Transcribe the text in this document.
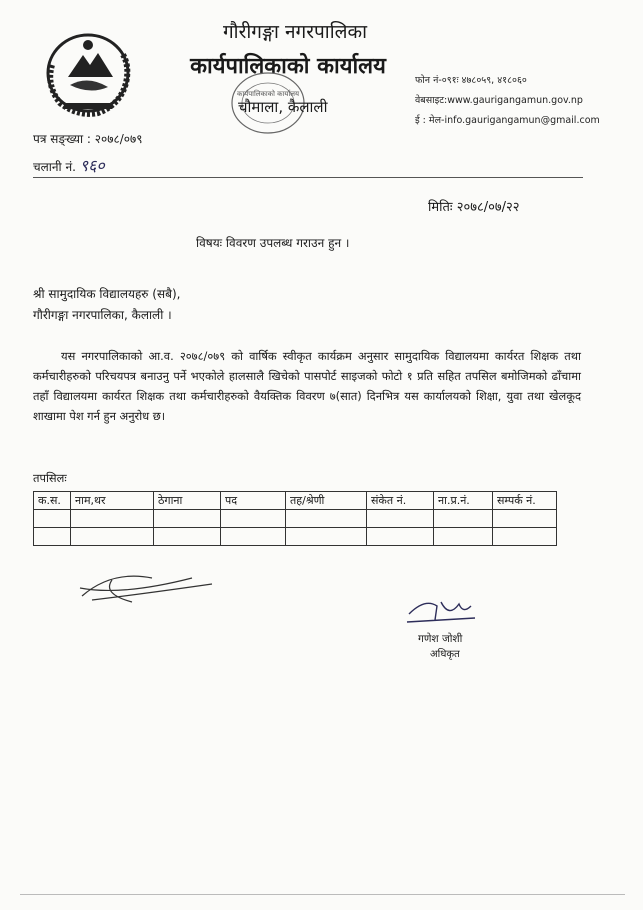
गौरीगङ्गा नगरपालिका
कार्यपालिकाको कार्यालय
कार्यपालिकाको कार्यालय
चौमाला, कैलाली
फोन नं-०९१ः ४७८०५९, ४१८०६०
वेबसाइट:www.gaurigangamun.gov.np
ई : मेल-info.gaurigangamun@gmail.com
पत्र सङ्ख्या : २०७८/०७९
चलानी नं. ९६०
मितिः २०७८/०७/२२
विषयः विवरण उपलब्ध गराउन हुन ।
श्री सामुदायिक विद्यालयहरु (सबै),
गौरीगङ्गा नगरपालिका, कैलाली ।
यस नगरपालिकाको आ.व. २०७८/०७९ को वार्षिक स्वीकृत कार्यक्रम अनुसार सामुदायिक विद्यालयमा कार्यरत शिक्षक तथा कर्मचारीहरुको परिचयपत्र बनाउनु पर्ने भएकोले हालसालै खिचेको पासपोर्ट साइजको फोटो १ प्रति सहित तपसिल बमोजिमको ढाँचामा तहाँ विद्यालयमा कार्यरत शिक्षक तथा कर्मचारीहरुको वैयक्तिक विवरण ७(सात) दिनभित्र यस कार्यालयको शिक्षा, युवा तथा खेलकूद शाखामा पेश गर्न हुन अनुरोध छ।
तपसिलः
क.स.	नाम,थर	ठेगाना	पद	तह/श्रेणी	संकेत नं.	ना.प्र.नं.	सम्पर्क नं.

गणेश जोशी
अधिकृत
